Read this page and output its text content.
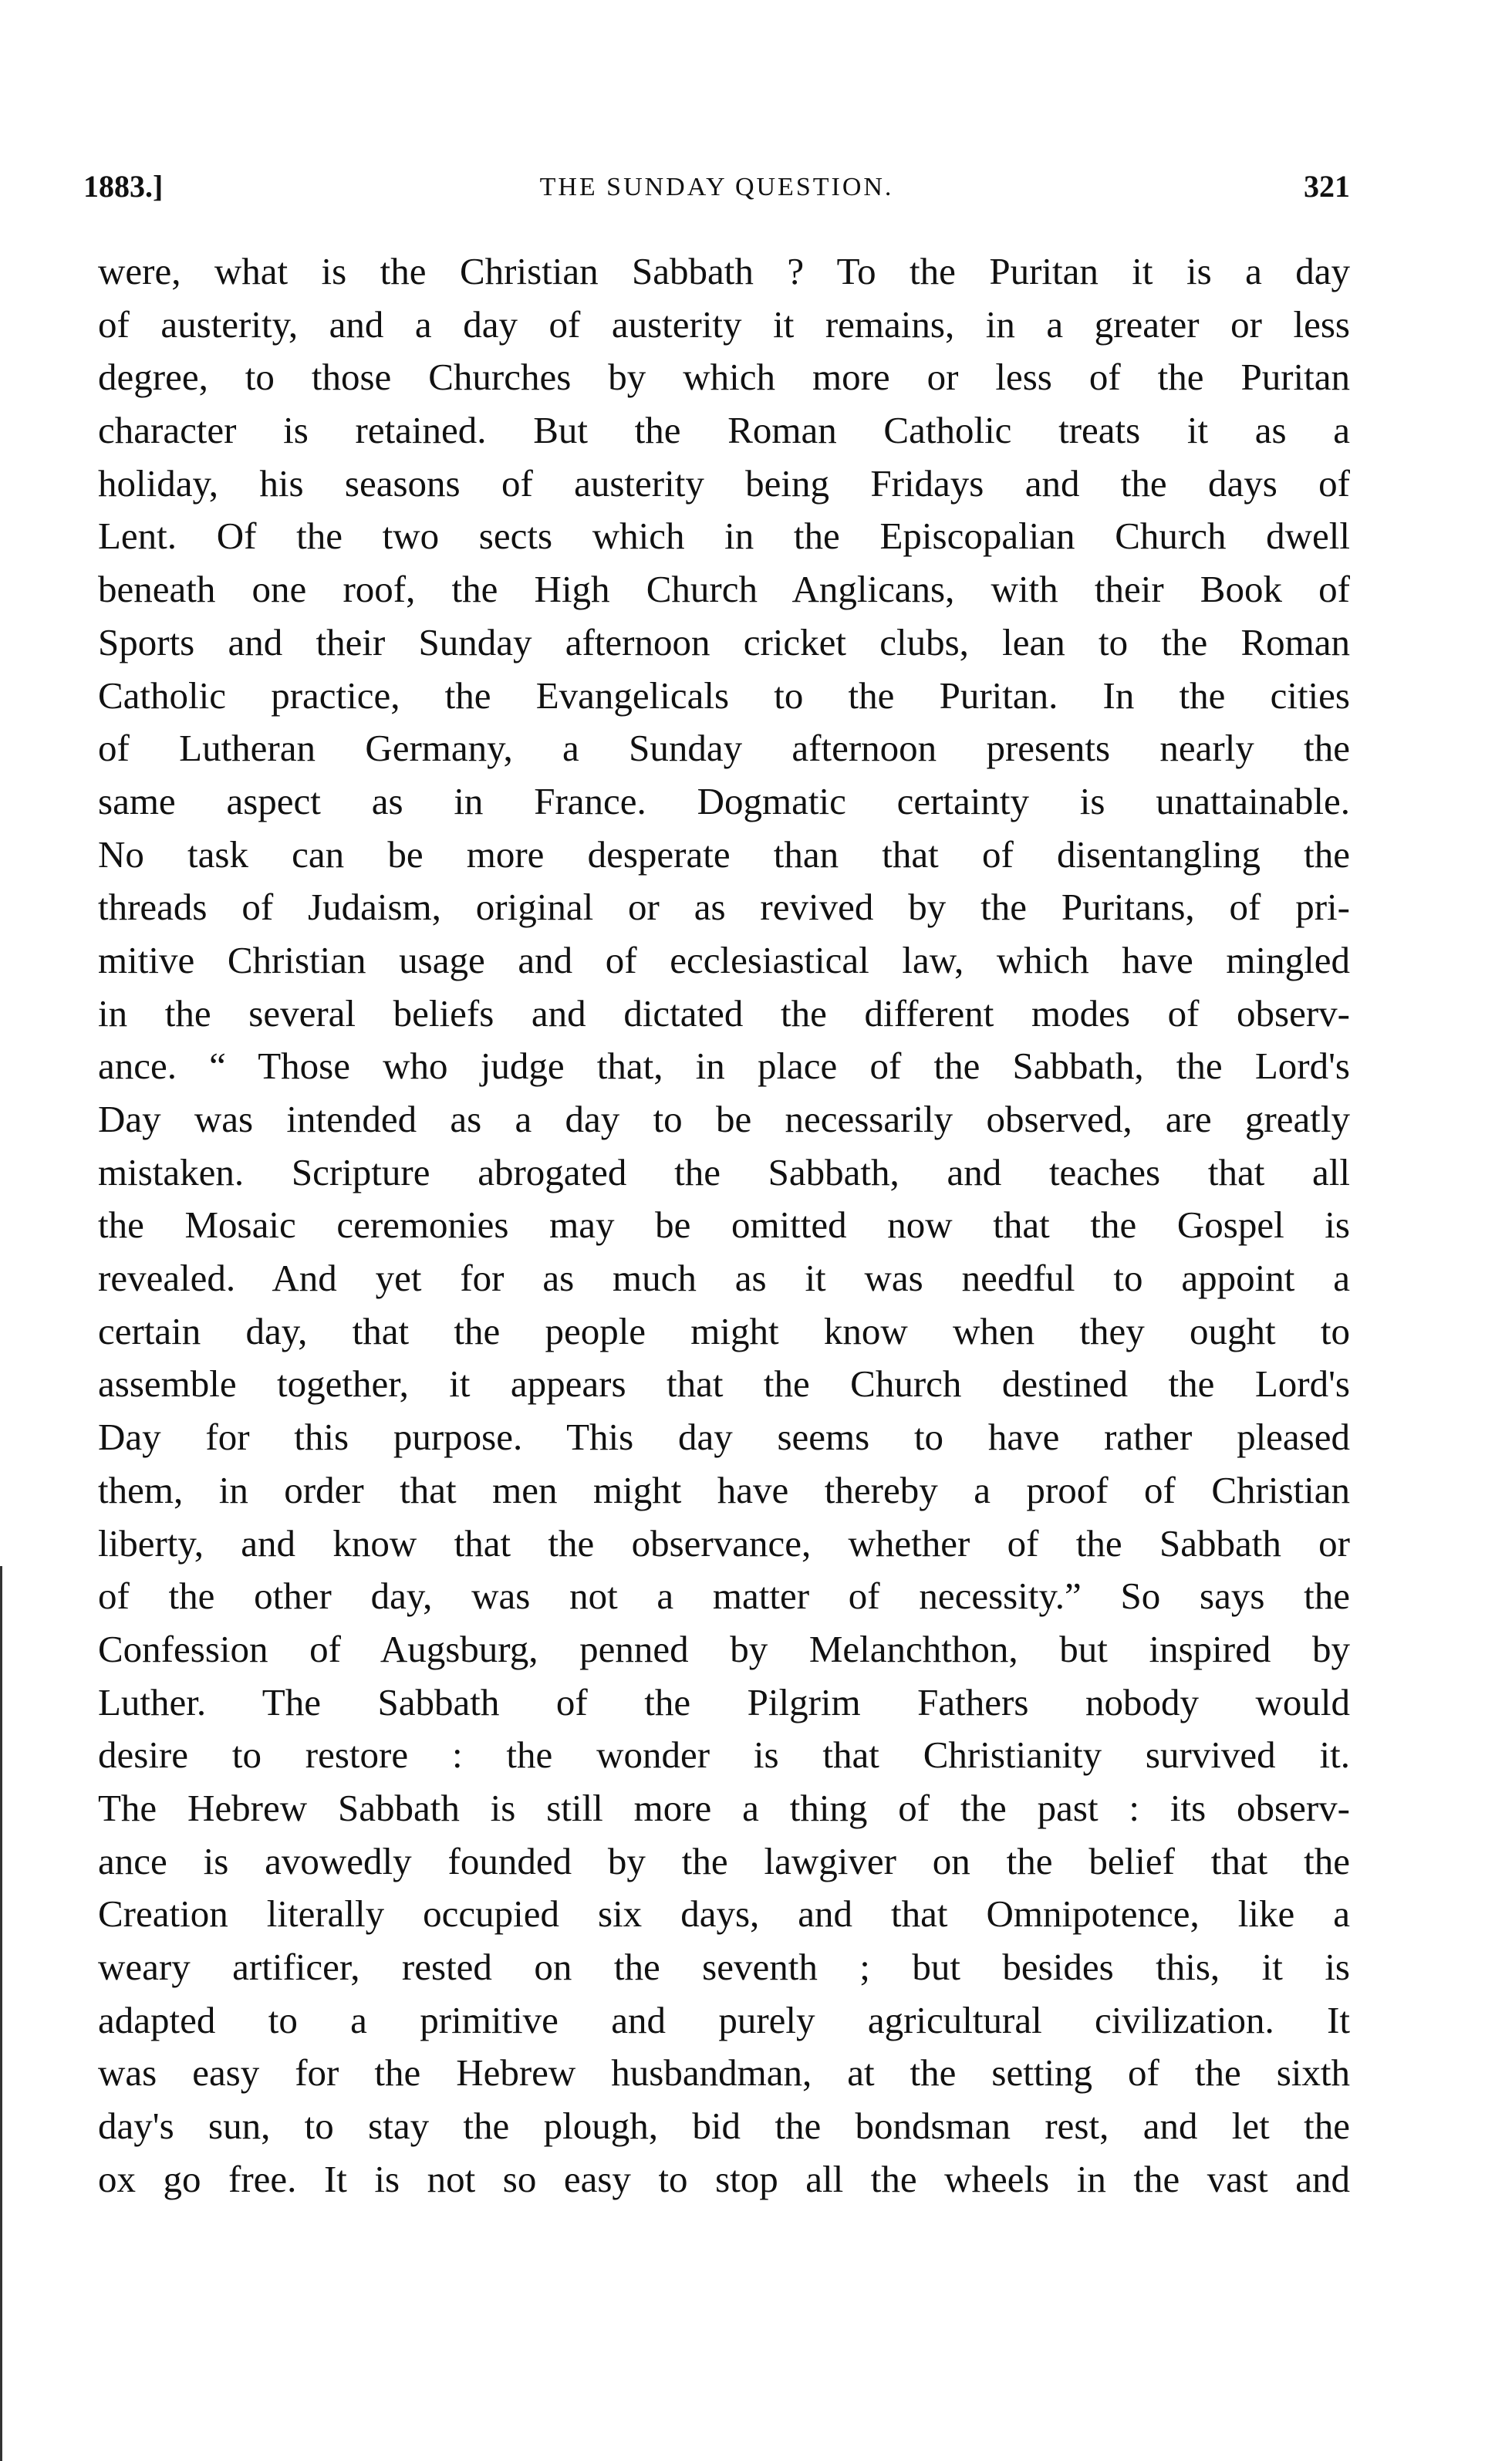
1883.]	THE SUNDAY QUESTION.	321
were, what is the Christian Sabbath ? To the Puritan it is a day
of austerity, and a day of austerity it remains, in a greater or less
degree, to those Churches by which more or less of the Puritan
character is retained. But the Roman Catholic treats it as a
holiday, his seasons of austerity being Fridays and the days of
Lent. Of the two sects which in the Episcopalian Church dwell
beneath one roof, the High Church Anglicans, with their Book of
Sports and their Sunday afternoon cricket clubs, lean to the Roman
Catholic practice, the Evangelicals to the Puritan. In the cities
of Lutheran Germany, a Sunday afternoon presents nearly the
same aspect as in France. Dogmatic certainty is unattainable.
No task can be more desperate than that of disentangling the
threads of Judaism, original or as revived by the Puritans, of pri-
mitive Christian usage and of ecclesiastical law, which have mingled
in the several beliefs and dictated the different modes of observ-
ance. “ Those who judge that, in place of the Sabbath, the Lord's
Day was intended as a day to be necessarily observed, are greatly
mistaken. Scripture abrogated the Sabbath, and teaches that all
the Mosaic ceremonies may be omitted now that the Gospel is
revealed. And yet for as much as it was needful to appoint a
certain day, that the people might know when they ought to
assemble together, it appears that the Church destined the Lord's
Day for this purpose. This day seems to have rather pleased
them, in order that men might have thereby a proof of Christian
liberty, and know that the observance, whether of the Sabbath or
of the other day, was not a matter of necessity.” So says the
Confession of Augsburg, penned by Melanchthon, but inspired by
Luther. The Sabbath of the Pilgrim Fathers nobody would
desire to restore : the wonder is that Christianity survived it.
The Hebrew Sabbath is still more a thing of the past : its observ-
ance is avowedly founded by the lawgiver on the belief that the
Creation literally occupied six days, and that Omnipotence, like a
weary artificer, rested on the seventh ; but besides this, it is
adapted to a primitive and purely agricultural civilization. It
was easy for the Hebrew husbandman, at the setting of the sixth
day's sun, to stay the plough, bid the bondsman rest, and let the
ox go free. It is not so easy to stop all the wheels in the vast and
